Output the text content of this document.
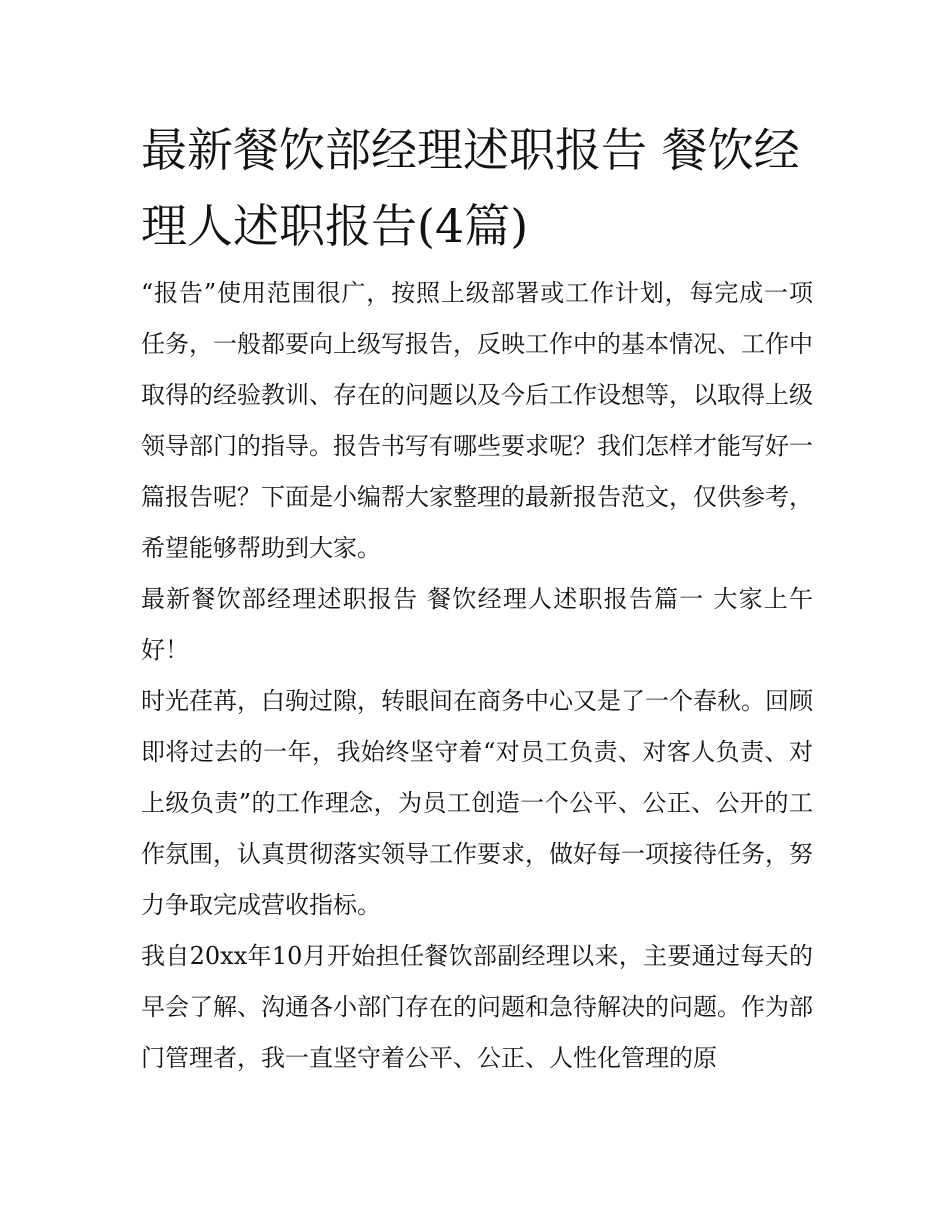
最新餐饮部经理述职报告 餐饮经理人述职报告(4篇)

“报告”使用范围很广，按照上级部署或工作计划，每完成一项任务，一般都要向上级写报告，反映工作中的基本情况、工作中取得的经验教训、存在的问题以及今后工作设想等，以取得上级领导部门的指导。报告书写有哪些要求呢？我们怎样才能写好一篇报告呢？下面是小编帮大家整理的最新报告范文，仅供参考，希望能够帮助到大家。

最新餐饮部经理述职报告 餐饮经理人述职报告篇一 大家上午好！

时光荏苒，白驹过隙，转眼间在商务中心又是了一个春秋。回顾即将过去的一年，我始终坚守着“对员工负责、对客人负责、对上级负责”的工作理念，为员工创造一个公平、公正、公开的工作氛围，认真贯彻落实领导工作要求，做好每一项接待任务，努力争取完成营收指标。

我自20xx年10月开始担任餐饮部副经理以来，主要通过每天的早会了解、沟通各小部门存在的问题和急待解决的问题。作为部门管理者，我一直坚守着公平、公正、人性化管理的原
